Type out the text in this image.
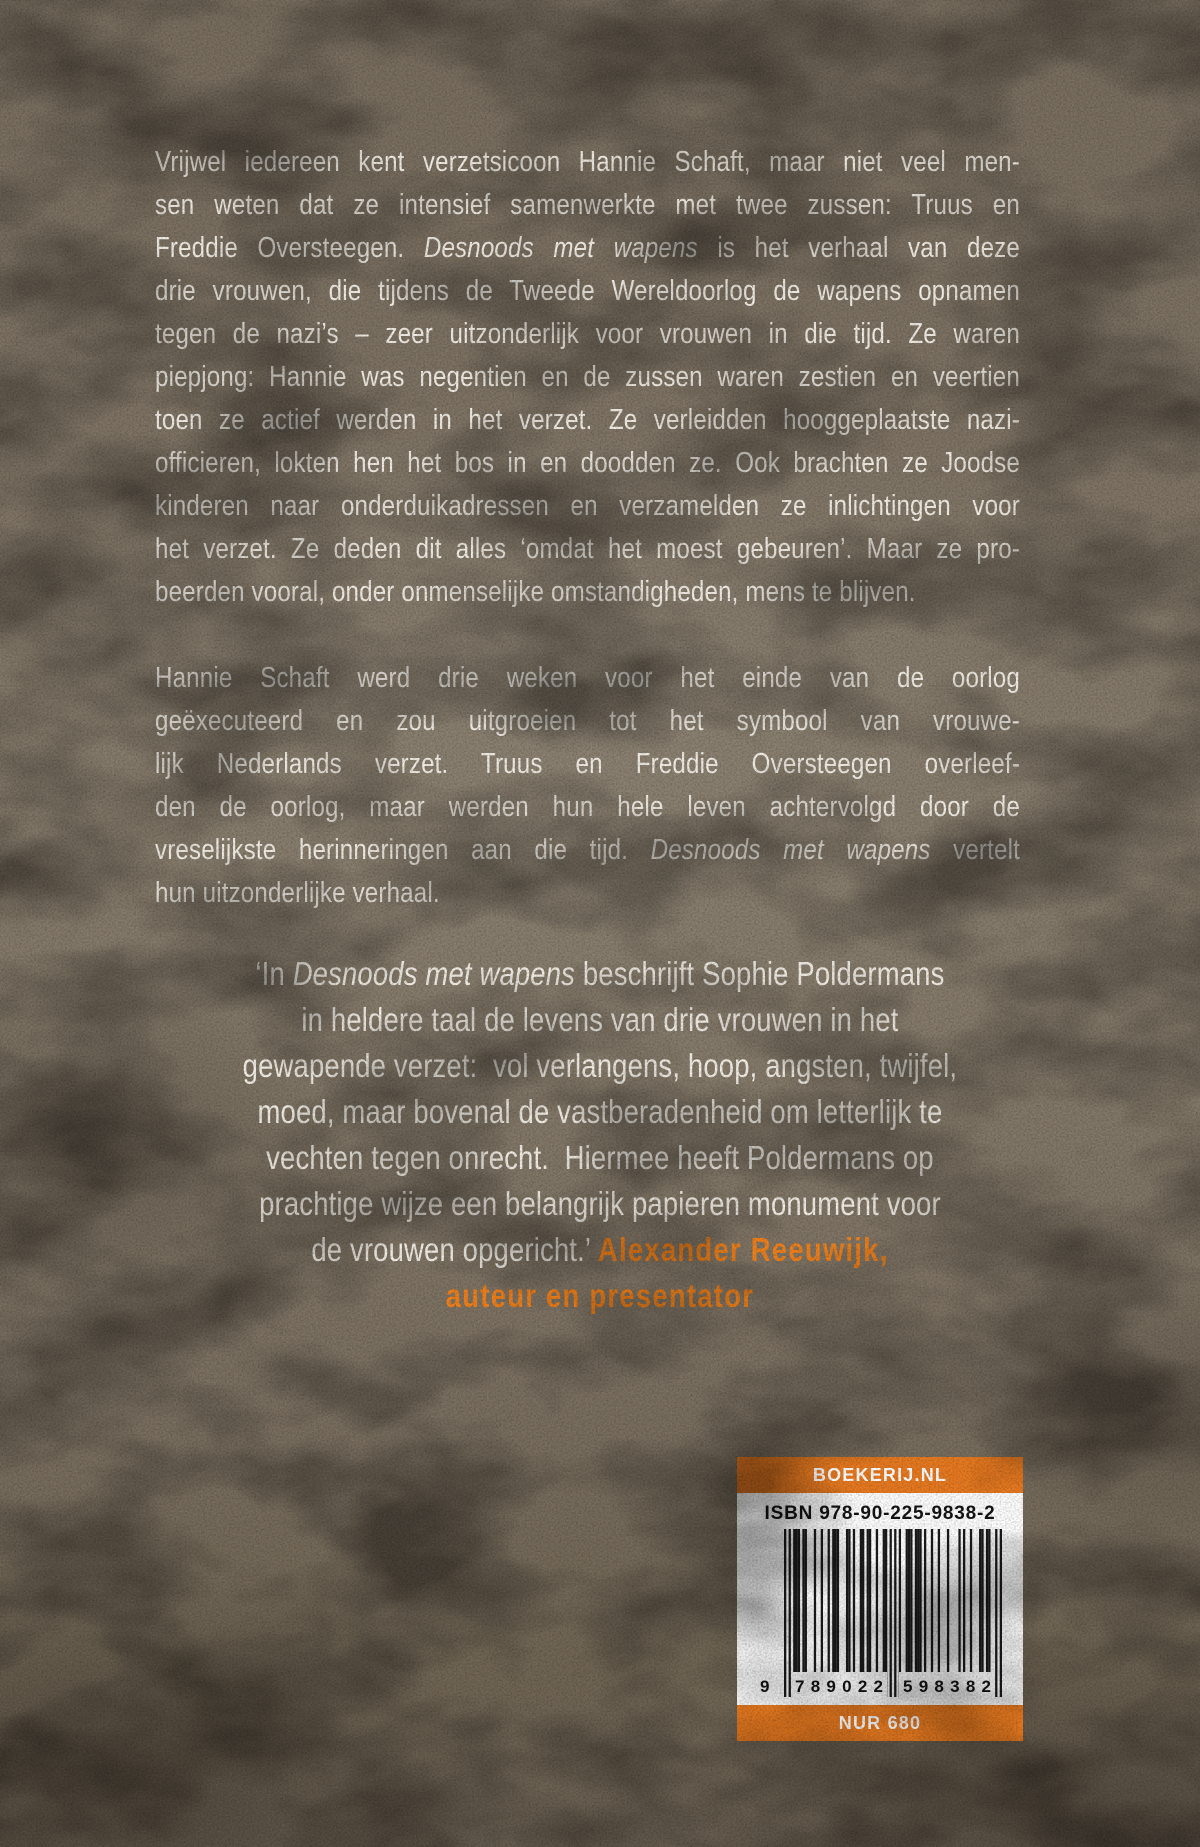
Vrijwel iedereen kent verzetsicoon Hannie Schaft, maar niet veel men-
sen weten dat ze intensief samenwerkte met twee zussen: Truus en
Freddie Oversteegen. Desnoods met wapens is het verhaal van deze
drie vrouwen, die tijdens de Tweede Wereldoorlog de wapens opnamen
tegen de nazi’s – zeer uitzonderlijk voor vrouwen in die tijd. Ze waren
piepjong: Hannie was negentien en de zussen waren zestien en veertien
toen ze actief werden in het verzet. Ze verleidden hooggeplaatste nazi-
officieren, lokten hen het bos in en doodden ze. Ook brachten ze Joodse
kinderen naar onderduikadressen en verzamelden ze inlichtingen voor
het verzet. Ze deden dit alles ‘omdat het moest gebeuren’. Maar ze pro-
beerden vooral, onder onmenselijke omstandigheden, mens te blijven.
Hannie Schaft werd drie weken voor het einde van de oorlog
geëxecuteerd en zou uitgroeien tot het symbool van vrouwe-
lijk Nederlands verzet. Truus en Freddie Oversteegen overleef-
den de oorlog, maar werden hun hele leven achtervolgd door de
vreselijkste herinneringen aan die tijd. Desnoods met wapens vertelt
hun uitzonderlijke verhaal.
‘In Desnoods met wapens beschrijft Sophie Poldermans
in heldere taal de levens van drie vrouwen in het
gewapende verzet:  vol verlangens, hoop, angsten, twijfel,
moed, maar bovenal de vastberadenheid om letterlijk te
vechten tegen onrecht.  Hiermee heeft Poldermans op
prachtige wijze een belangrijk papieren monument voor
de vrouwen opgericht.’ Alexander Reeuwijk,
auteur en presentator
BOEKERIJ.NL
ISBN 978-90-225-9838-2
9 7 8 9 0 2 2 5 9 8 3 8 2
NUR 680
